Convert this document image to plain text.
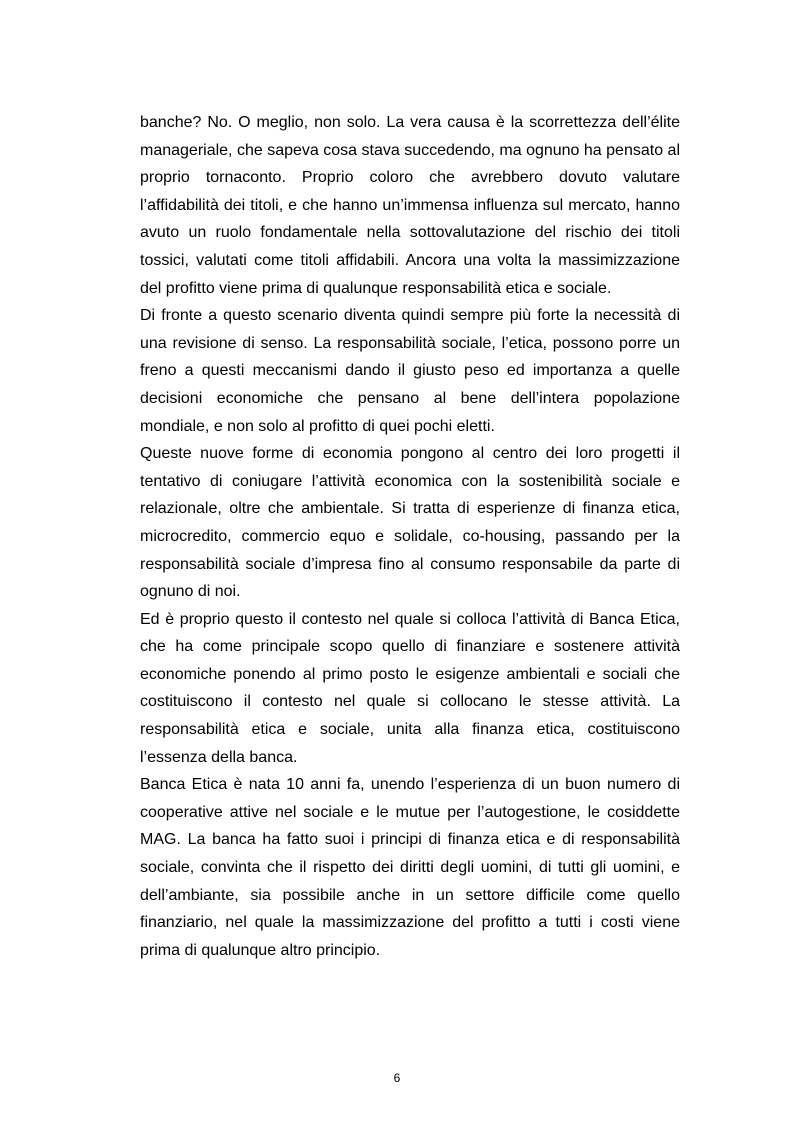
banche? No. O meglio, non solo. La vera causa è la scorrettezza dell’élite
manageriale, che sapeva cosa stava succedendo, ma ognuno ha pensato al
proprio tornaconto. Proprio coloro che avrebbero dovuto valutare
l’affidabilità dei titoli, e che hanno un’immensa influenza sul mercato, hanno
avuto un ruolo fondamentale nella sottovalutazione del rischio dei titoli
tossici, valutati come titoli affidabili. Ancora una volta la massimizzazione
del profitto viene prima di qualunque responsabilità etica e sociale.

Di fronte a questo scenario diventa quindi sempre più forte la necessità di
una revisione di senso. La responsabilità sociale, l’etica, possono porre un
freno a questi meccanismi dando il giusto peso ed importanza a quelle
decisioni economiche che pensano al bene dell’intera popolazione
mondiale, e non solo al profitto di quei pochi eletti.

Queste nuove forme di economia pongono al centro dei loro progetti il
tentativo di coniugare l’attività economica con la sostenibilità sociale e
relazionale, oltre che ambientale. Si tratta di esperienze di finanza etica,
microcredito, commercio equo e solidale, co-housing, passando per la
responsabilità sociale d’impresa fino al consumo responsabile da parte di
ognuno di noi.

Ed è proprio questo il contesto nel quale si colloca l’attività di Banca Etica,
che ha come principale scopo quello di finanziare e sostenere attività
economiche ponendo al primo posto le esigenze ambientali e sociali che
costituiscono il contesto nel quale si collocano le stesse attività. La
responsabilità etica e sociale, unita alla finanza etica, costituiscono
l’essenza della banca.

Banca Etica è nata 10 anni fa, unendo l’esperienza di un buon numero di
cooperative attive nel sociale e le mutue per l’autogestione, le cosiddette
MAG. La banca ha fatto suoi i principi di finanza etica e di responsabilità
sociale, convinta che il rispetto dei diritti degli uomini, di tutti gli uomini, e
dell’ambiante, sia possibile anche in un settore difficile come quello
finanziario, nel quale la massimizzazione del profitto a tutti i costi viene
prima di qualunque altro principio.

6
